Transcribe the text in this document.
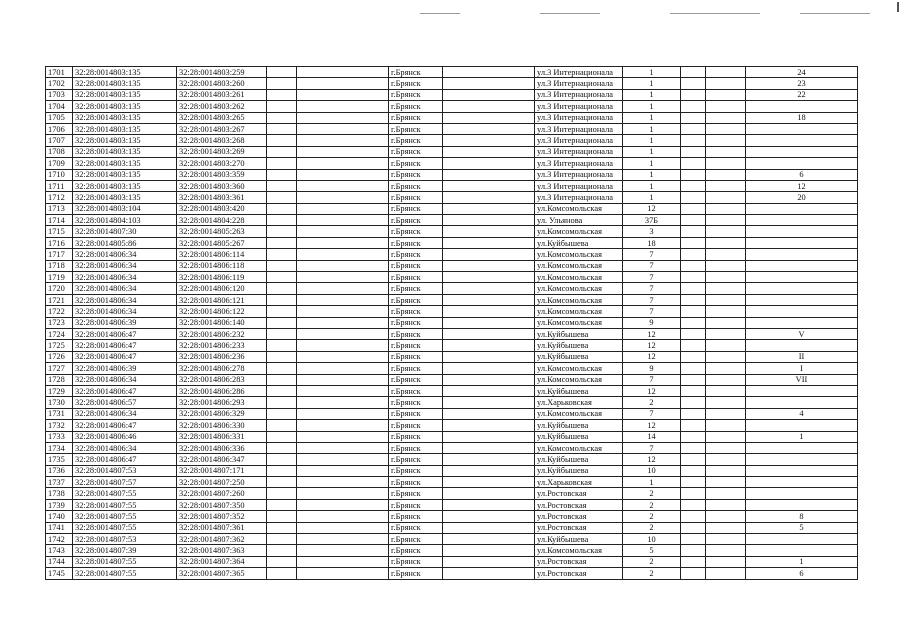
1701	32:28:0014803:135	32:28:0014803:259			г.Брянск		ул.3 Интернационала	1			24
1702	32:28:0014803:135	32:28:0014803:260			г.Брянск		ул.3 Интернационала	1			23
1703	32:28:0014803:135	32:28:0014803:261			г.Брянск		ул.3 Интернационала	1			22
1704	32:28:0014803:135	32:28:0014803:262			г.Брянск		ул.3 Интернационала	1			
1705	32:28:0014803:135	32:28:0014803:265			г.Брянск		ул.3 Интернационала	1			18
1706	32:28:0014803:135	32:28:0014803:267			г.Брянск		ул.3 Интернационала	1			
1707	32:28:0014803:135	32:28:0014803:268			г.Брянск		ул.3 Интернационала	1			
1708	32:28:0014803:135	32:28:0014803:269			г.Брянск		ул.3 Интернационала	1			
1709	32:28:0014803:135	32:28:0014803:270			г.Брянск		ул.3 Интернационала	1			
1710	32:28:0014803:135	32:28:0014803:359			г.Брянск		ул.3 Интернационала	1			6
1711	32:28:0014803:135	32:28:0014803:360			г.Брянск		ул.3 Интернационала	1			12
1712	32:28:0014803:135	32:28:0014803:361			г.Брянск		ул.3 Интернационала	1			20
1713	32:28:0014803:104	32:28:0014803:420			г.Брянск		ул.Комсомольская	12			
1714	32:28:0014804:103	32:28:0014804:228			г.Брянск		ул. Ульянова	37Б			
1715	32:28:0014807:30	32:28:0014805:263			г.Брянск		ул.Комсомольская	3			
1716	32:28:0014805:86	32:28:0014805:267			г.Брянск		ул.Куйбышева	18			
1717	32:28:0014806:34	32:28:0014806:114			г.Брянск		ул.Комсомольская	7			
1718	32:28:0014806:34	32:28:0014806:118			г.Брянск		ул.Комсомольская	7			
1719	32:28:0014806:34	32:28:0014806:119			г.Брянск		ул.Комсомольская	7			
1720	32:28:0014806:34	32:28:0014806:120			г.Брянск		ул.Комсомольская	7			
1721	32:28:0014806:34	32:28:0014806:121			г.Брянск		ул.Комсомольская	7			
1722	32:28:0014806:34	32:28:0014806:122			г.Брянск		ул.Комсомольская	7			
1723	32:28:0014806:39	32:28:0014806:140			г.Брянск		ул.Комсомольская	9			
1724	32:28:0014806:47	32:28:0014806:232			г.Брянск		ул.Куйбышева	12			V
1725	32:28:0014806:47	32:28:0014806:233			г.Брянск		ул.Куйбышева	12			
1726	32:28:0014806:47	32:28:0014806:236			г.Брянск		ул.Куйбышева	12			II
1727	32:28:0014806:39	32:28:0014806:278			г.Брянск		ул.Комсомольская	9			I
1728	32:28:0014806:34	32:28:0014806:283			г.Брянск		ул.Комсомольская	7			VII
1729	32:28:0014806:47	32:28:0014806:286			г.Брянск		ул.Куйбышева	12			
1730	32:28:0014806:57	32:28:0014806:293			г.Брянск		ул.Харьковская	2			
1731	32:28:0014806:34	32:28:0014806:329			г.Брянск		ул.Комсомольская	7			4
1732	32:28:0014806:47	32:28:0014806:330			г.Брянск		ул.Куйбышева	12			
1733	32:28:0014806:46	32:28:0014806:331			г.Брянск		ул.Куйбышева	14			1
1734	32:28:0014806:34	32:28:0014806:336			г.Брянск		ул.Комсомольская	7			
1735	32:28:0014806:47	32:28:0014806:347			г.Брянск		ул.Куйбышева	12			
1736	32:28:0014807:53	32:28:0014807:171			г.Брянск		ул.Куйбышева	10			
1737	32:28:0014807:57	32:28:0014807:250			г.Брянск		ул.Харьковская	1			
1738	32:28:0014807:55	32:28:0014807:260			г.Брянск		ул.Ростовская	2			
1739	32:28:0014807:55	32:28:0014807:350			г.Брянск		ул.Ростовская	2			
1740	32:28:0014807:55	32:28:0014807:352			г.Брянск		ул.Ростовская	2			8
1741	32:28:0014807:55	32:28:0014807:361			г.Брянск		ул.Ростовская	2			5
1742	32:28:0014807:53	32:28:0014807:362			г.Брянск		ул.Куйбышева	10			
1743	32:28:0014807:39	32:28:0014807:363			г.Брянск		ул.Комсомольская	5			
1744	32:28:0014807:55	32:28:0014807:364			г.Брянск		ул.Ростовская	2			1
1745	32:28:0014807:55	32:28:0014807:365			г.Брянск		ул.Ростовская	2			6
